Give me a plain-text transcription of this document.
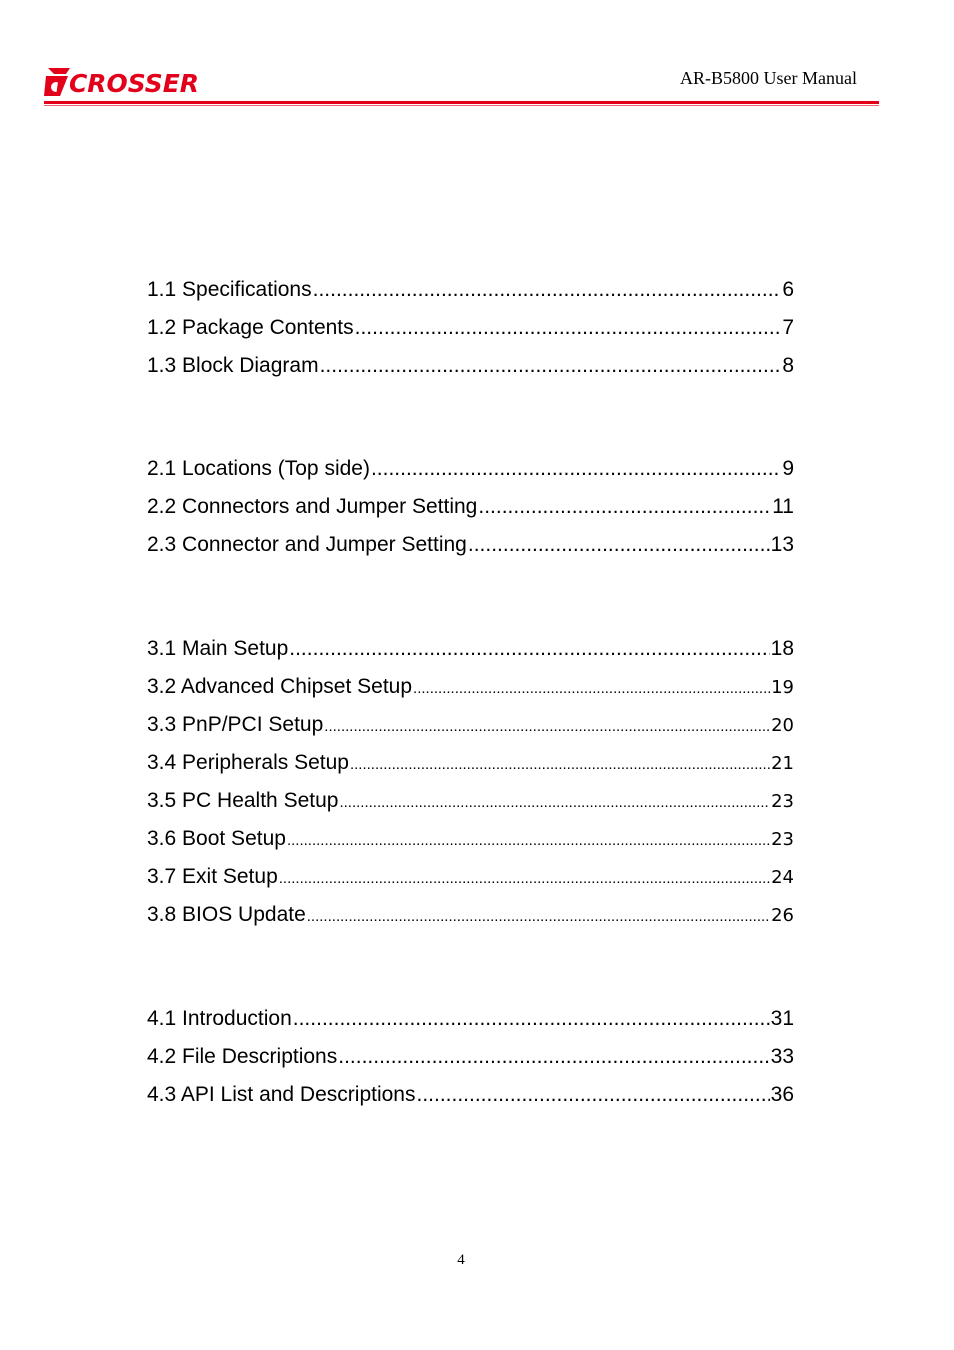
CROSSER	AR-B5800 User Manual
1.1 Specifications .....	6
1.2 Package Contents .....	7
1.3 Block Diagram .....	8
2.1 Locations (Top side) .....	9
2.2 Connectors and Jumper Setting .....	11
2.3 Connector and Jumper Setting .....	13
3.1 Main Setup .....	18
3.2 Advanced Chipset Setup .....	19
3.3 PnP/PCI Setup .....	20
3.4 Peripherals Setup .....	21
3.5 PC Health Setup .....	23
3.6 Boot Setup .....	23
3.7 Exit Setup .....	24
3.8 BIOS Update .....	26
4.1 Introduction .....	31
4.2 File Descriptions .....	33
4.3 API List and Descriptions .....	36
4
